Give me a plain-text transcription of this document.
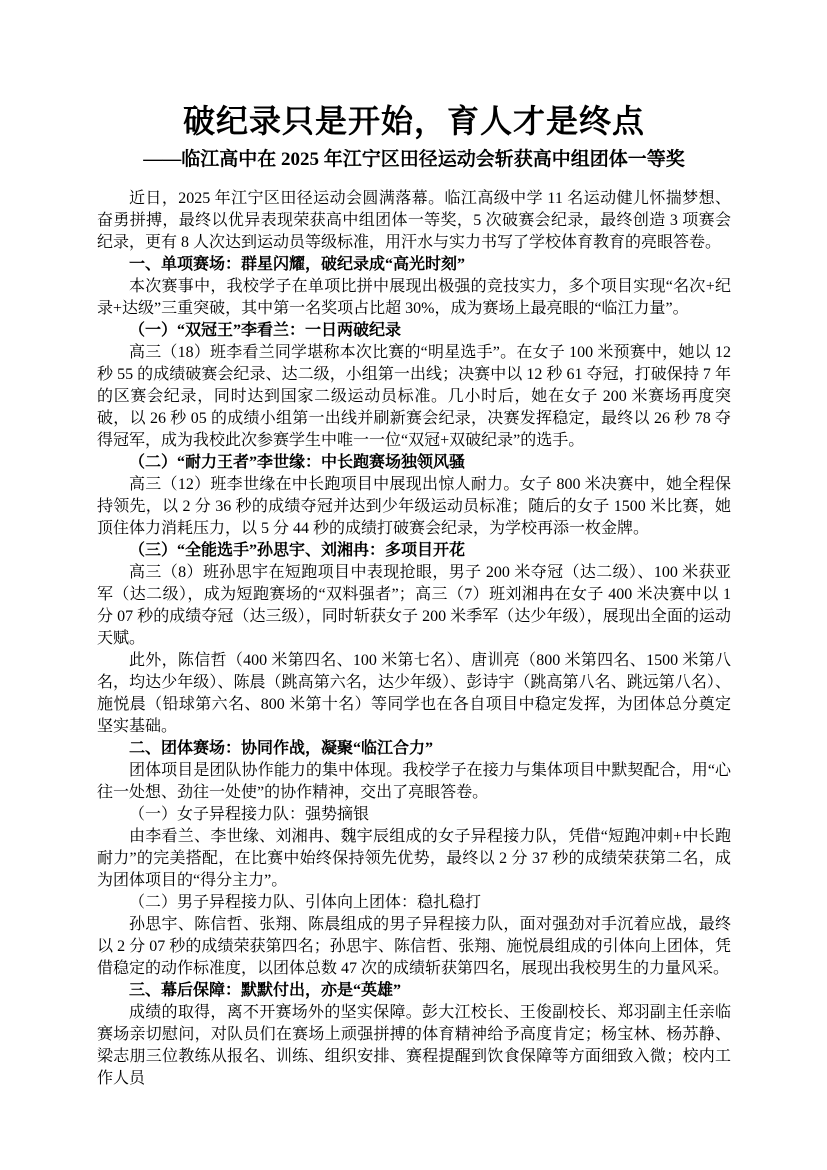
破纪录只是开始，育人才是终点
——临江高中在 2025 年江宁区田径运动会斩获高中组团体一等奖

近日，2025 年江宁区田径运动会圆满落幕。临江高级中学 11 名运动健儿怀揣梦想、奋勇拼搏，最终以优异表现荣获高中组团体一等奖，5 次破赛会纪录，最终创造 3 项赛会纪录，更有 8 人次达到运动员等级标准，用汗水与实力书写了学校体育教育的亮眼答卷。

一、单项赛场：群星闪耀，破纪录成“高光时刻”

本次赛事中，我校学子在单项比拼中展现出极强的竞技实力，多个项目实现“名次+纪录+达级”三重突破，其中第一名奖项占比超 30%，成为赛场上最亮眼的“临江力量”。

（一）“双冠王”李看兰：一日两破纪录

高三（18）班李看兰同学堪称本次比赛的“明星选手”。在女子 100 米预赛中，她以 12 秒 55 的成绩破赛会纪录、达二级，小组第一出线；决赛中以 12 秒 61 夺冠，打破保持 7 年的区赛会纪录，同时达到国家二级运动员标准。几小时后，她在女子 200 米赛场再度突破，以 26 秒 05 的成绩小组第一出线并刷新赛会纪录，决赛发挥稳定，最终以 26 秒 78 夺得冠军，成为我校此次参赛学生中唯一一位“双冠+双破纪录”的选手。

（二）“耐力王者”李世缘：中长跑赛场独领风骚

高三（12）班李世缘在中长跑项目中展现出惊人耐力。女子 800 米决赛中，她全程保持领先，以 2 分 36 秒的成绩夺冠并达到少年级运动员标准；随后的女子 1500 米比赛，她顶住体力消耗压力，以 5 分 44 秒的成绩打破赛会纪录，为学校再添一枚金牌。

（三）“全能选手”孙思宇、刘湘冉：多项目开花

高三（8）班孙思宇在短跑项目中表现抢眼，男子 200 米夺冠（达二级）、100 米获亚军（达二级），成为短跑赛场的“双料强者”；高三（7）班刘湘冉在女子 400 米决赛中以 1 分 07 秒的成绩夺冠（达三级），同时斩获女子 200 米季军（达少年级），展现出全面的运动天赋。

此外，陈信哲（400 米第四名、100 米第七名）、唐训亮（800 米第四名、1500 米第八名，均达少年级）、陈晨（跳高第六名，达少年级）、彭诗宇（跳高第八名、跳远第八名）、施悦晨（铅球第六名、800 米第十名）等同学也在各自项目中稳定发挥，为团体总分奠定坚实基础。

二、团体赛场：协同作战，凝聚“临江合力”

团体项目是团队协作能力的集中体现。我校学子在接力与集体项目中默契配合，用“心往一处想、劲往一处使”的协作精神，交出了亮眼答卷。

（一）女子异程接力队：强势摘银

由李看兰、李世缘、刘湘冉、魏宇辰组成的女子异程接力队，凭借“短跑冲刺+中长跑耐力”的完美搭配，在比赛中始终保持领先优势，最终以 2 分 37 秒的成绩荣获第二名，成为团体项目的“得分主力”。

（二）男子异程接力队、引体向上团体：稳扎稳打

孙思宇、陈信哲、张翔、陈晨组成的男子异程接力队，面对强劲对手沉着应战，最终以 2 分 07 秒的成绩荣获第四名；孙思宇、陈信哲、张翔、施悦晨组成的引体向上团体，凭借稳定的动作标准度，以团体总数 47 次的成绩斩获第四名，展现出我校男生的力量风采。

三、幕后保障：默默付出，亦是“英雄”

成绩的取得，离不开赛场外的坚实保障。彭大江校长、王俊副校长、郑羽副主任亲临赛场亲切慰问，对队员们在赛场上顽强拼搏的体育精神给予高度肯定；杨宝林、杨苏静、梁志朋三位教练从报名、训练、组织安排、赛程提醒到饮食保障等方面细致入微；校内工作人员
